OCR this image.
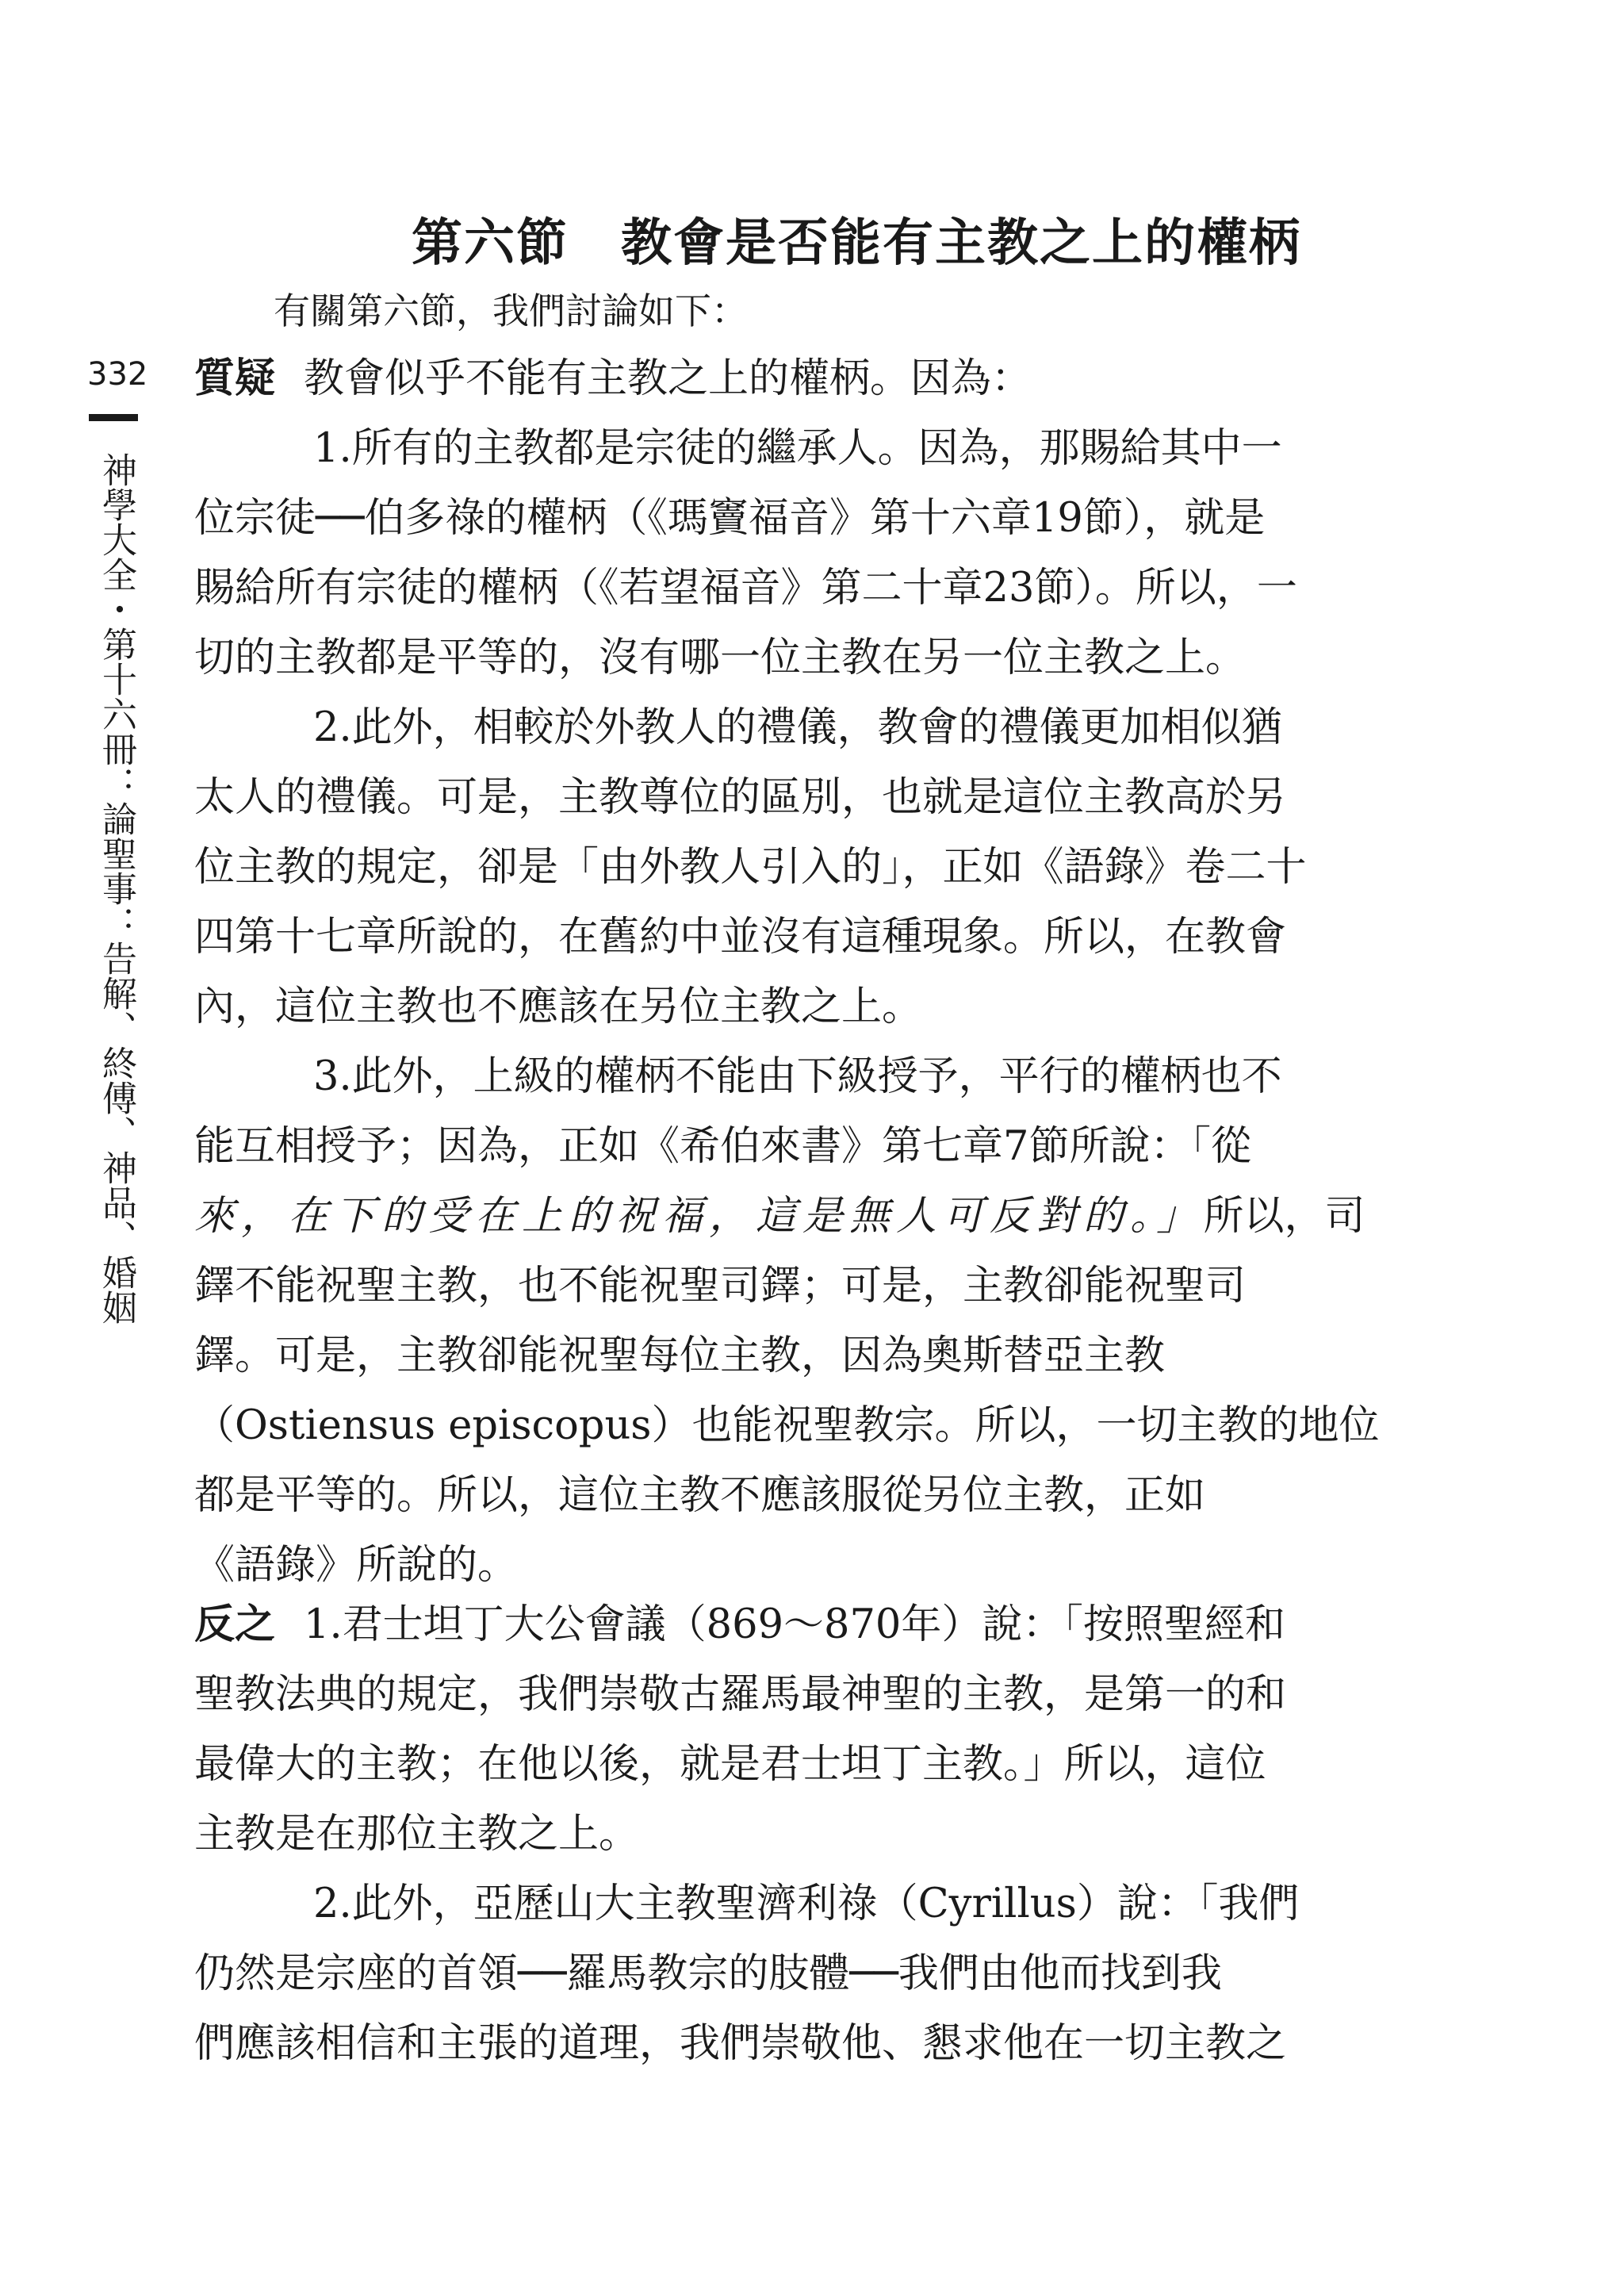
第六節　教會是否能有主教之上的權柄
有關第六節，我們討論如下：
332
神學大全・第十六冊：論聖事：告解、終傅、神品、婚姻
質疑 教會似乎不能有主教之上的權柄。因為：
1.所有的主教都是宗徒的繼承人。因為，那賜給其中一
位宗徒──伯多祿的權柄（《瑪竇福音》第十六章19節），就是
賜給所有宗徒的權柄（《若望福音》第二十章23節）。所以，一
切的主教都是平等的，沒有哪一位主教在另一位主教之上。
2.此外，相較於外教人的禮儀，教會的禮儀更加相似猶
太人的禮儀。可是，主教尊位的區別，也就是這位主教高於另
位主教的規定，卻是「由外教人引入的」，正如《語錄》卷二十
四第十七章所說的，在舊約中並沒有這種現象。所以，在教會
內，這位主教也不應該在另位主教之上。
3.此外，上級的權柄不能由下級授予，平行的權柄也不
能互相授予；因為，正如《希伯來書》第七章7節所說：「從
來，在下的受在上的祝福，這是無人可反對的。」所以，司
鐸不能祝聖主教，也不能祝聖司鐸；可是，主教卻能祝聖司
鐸。可是，主教卻能祝聖每位主教，因為奧斯替亞主教
（Ostiensus episcopus）也能祝聖教宗。所以，一切主教的地位
都是平等的。所以，這位主教不應該服從另位主教，正如
《語錄》所說的。
反之 1.君士坦丁大公會議（869～870年）說：「按照聖經和
聖教法典的規定，我們崇敬古羅馬最神聖的主教，是第一的和
最偉大的主教；在他以後，就是君士坦丁主教。」所以，這位
主教是在那位主教之上。
2.此外，亞歷山大主教聖濟利祿（Cyrillus）說：「我們
仍然是宗座的首領──羅馬教宗的肢體──我們由他而找到我
們應該相信和主張的道理，我們崇敬他、懇求他在一切主教之
